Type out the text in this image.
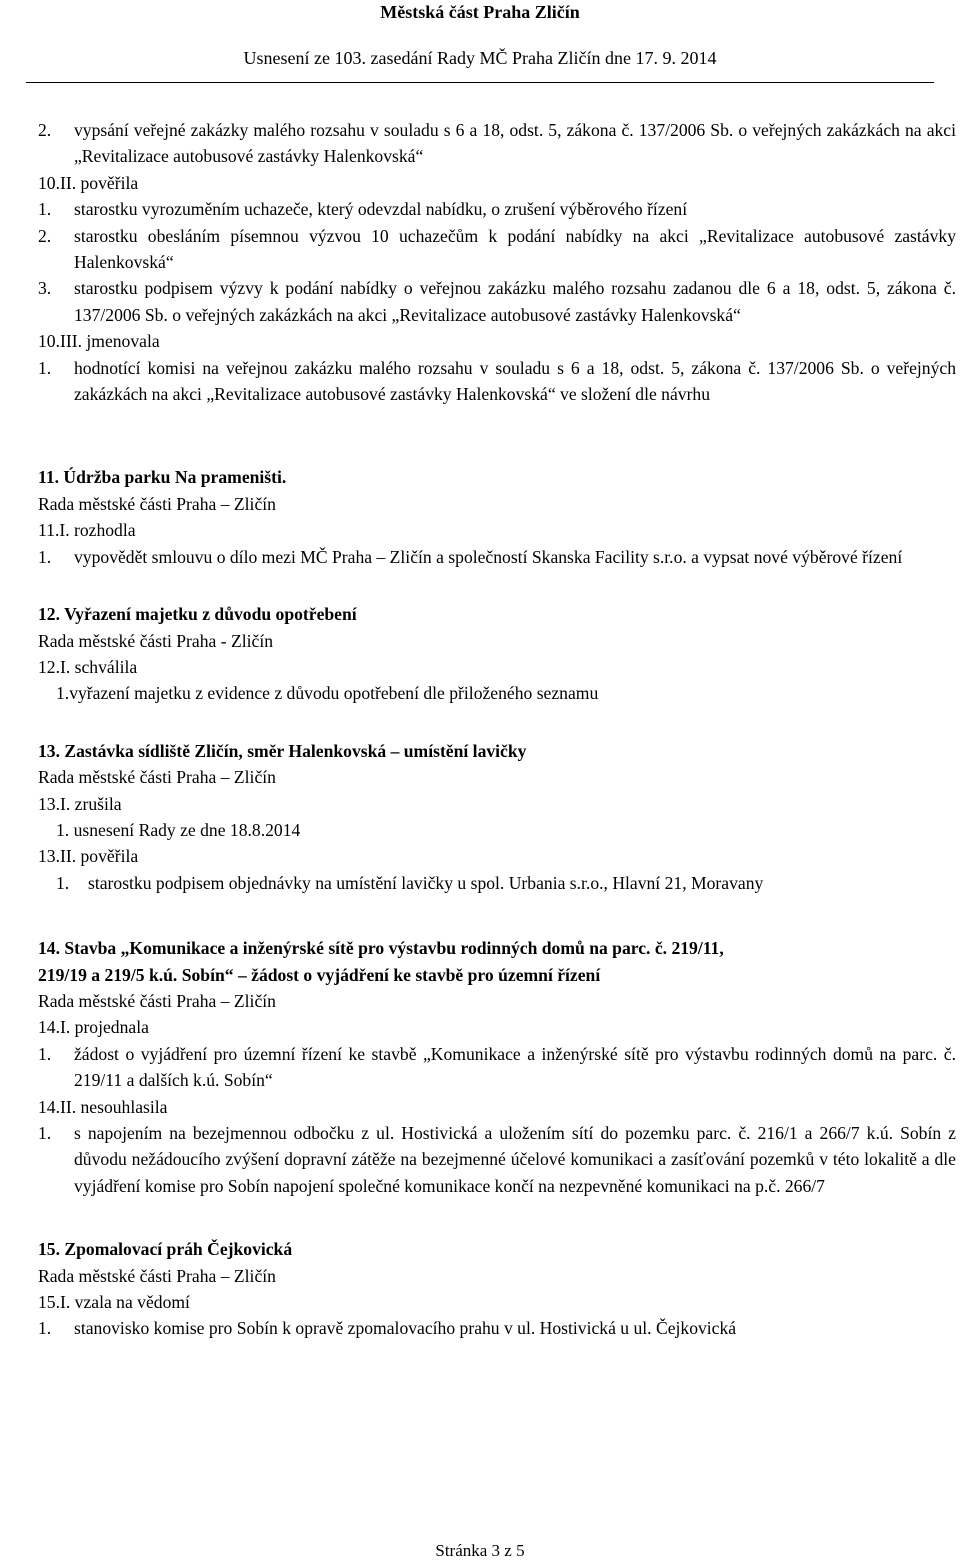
Městská část Praha Zličín
Usnesení ze 103. zasedání Rady MČ Praha Zličín dne 17. 9. 2014
2.	vypsání veřejné zakázky malého rozsahu v souladu s 6 a 18, odst. 5, zákona č. 137/2006 Sb. o veřejných zakázkách na akci „Revitalizace autobusové zastávky Halenkovská“

10.II. pověřila

1.	starostku vyrozuměním uchazeče, který odevzdal nabídku, o zrušení výběrového řízení
2.	starostku obesláním písemnou výzvou 10 uchazečům k podání nabídky na akci „Revitalizace autobusové zastávky Halenkovská“
3.	starostku podpisem výzvy k podání nabídky o veřejnou zakázku malého rozsahu zadanou dle 6 a 18, odst. 5, zákona č. 137/2006 Sb. o veřejných zakázkách na akci „Revitalizace autobusové zastávky Halenkovská“

10.III. jmenovala

1.	hodnotící komisi na veřejnou zakázku malého rozsahu v souladu s 6 a 18, odst. 5, zákona č. 137/2006 Sb. o veřejných zakázkách na akci „Revitalizace autobusové zastávky Halenkovská“ ve složení dle návrhu

11. Údržba parku Na prameništi.

Rada městské části Praha – Zličín

11.I. rozhodla

1.	vypovědět smlouvu o dílo mezi MČ Praha – Zličín a společností Skanska Facility s.r.o. a vypsat nové výběrové řízení

12. Vyřazení majetku z důvodu opotřebení

Rada městské části Praha - Zličín

12.I. schválila

1.vyřazení majetku z evidence z důvodu opotřebení dle přiloženého seznamu

13. Zastávka sídliště Zličín, směr Halenkovská – umístění lavičky

Rada městské části Praha – Zličín

13.I. zrušila

1. usnesení Rady ze dne 18.8.2014

13.II. pověřila

1.	starostku podpisem objednávky na umístění lavičky u spol. Urbania s.r.o., Hlavní 21, Moravany

14. Stavba „Komunikace a inženýrské sítě pro výstavbu rodinných domů na parc. č. 219/11,

219/19 a 219/5 k.ú. Sobín“ – žádost o vyjádření ke stavbě pro územní řízení

Rada městské části Praha – Zličín

14.I. projednala

1.	žádost o vyjádření pro územní řízení ke stavbě „Komunikace a inženýrské sítě pro výstavbu rodinných domů na parc. č. 219/11 a dalších k.ú. Sobín“

14.II. nesouhlasila

1.	s napojením na bezejmennou odbočku z ul. Hostivická a uložením sítí do pozemku parc. č. 216/1 a 266/7 k.ú. Sobín z důvodu nežádoucího zvýšení dopravní zátěže na bezejmenné účelové komunikaci a zasíťování pozemků v této lokalitě a dle vyjádření komise pro Sobín napojení společné komunikace končí na nezpevněné komunikaci na p.č. 266/7

15. Zpomalovací práh Čejkovická

Rada městské části Praha – Zličín

15.I. vzala na vědomí

1.	stanovisko komise pro Sobín k opravě zpomalovacího prahu v ul. Hostivická u ul. Čejkovická
Stránka 3 z 5
